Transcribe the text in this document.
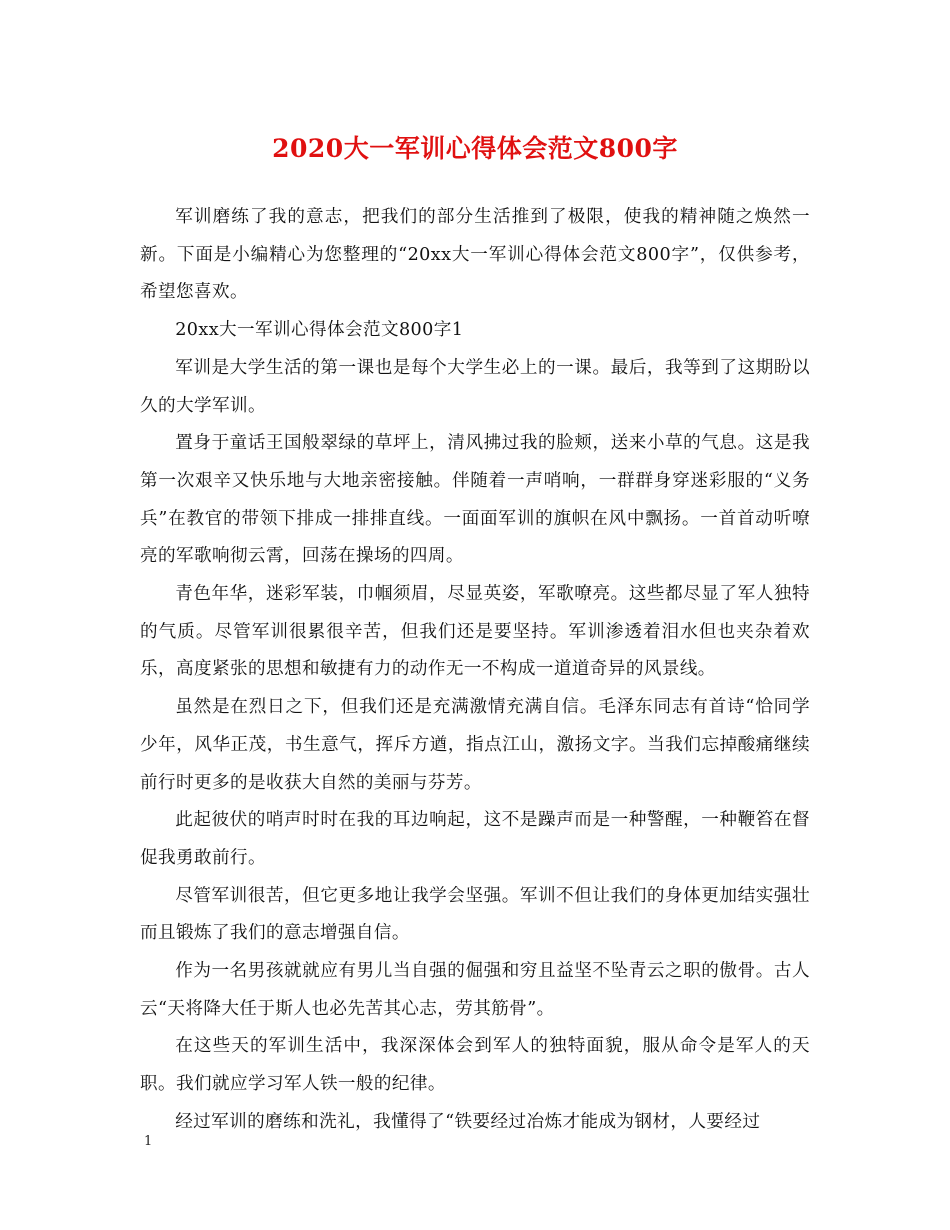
2020大一军训心得体会范文800字

军训磨练了我的意志，把我们的部分生活推到了极限，使我的精神随之焕然一新。下面是小编精心为您整理的“20xx大一军训心得体会范文800字”，仅供参考，希望您喜欢。

20xx大一军训心得体会范文800字1

军训是大学生活的第一课也是每个大学生必上的一课。最后，我等到了这期盼以久的大学军训。

置身于童话王国般翠绿的草坪上，清风拂过我的脸颊，送来小草的气息。这是我第一次艰辛又快乐地与大地亲密接触。伴随着一声哨响，一群群身穿迷彩服的“义务兵”在教官的带领下排成一排排直线。一面面军训的旗帜在风中飘扬。一首首动听嘹亮的军歌响彻云霄，回荡在操场的四周。

青色年华，迷彩军装，巾帼须眉，尽显英姿，军歌嘹亮。这些都尽显了军人独特的气质。尽管军训很累很辛苦，但我们还是要坚持。军训渗透着泪水但也夹杂着欢乐，高度紧张的思想和敏捷有力的动作无一不构成一道道奇异的风景线。

虽然是在烈日之下，但我们还是充满激情充满自信。毛泽东同志有首诗“恰同学少年，风华正茂，书生意气，挥斥方遒，指点江山，激扬文字。当我们忘掉酸痛继续前行时更多的是收获大自然的美丽与芬芳。

此起彼伏的哨声时时在我的耳边响起，这不是躁声而是一种警醒，一种鞭笞在督促我勇敢前行。

尽管军训很苦，但它更多地让我学会坚强。军训不但让我们的身体更加结实强壮而且锻炼了我们的意志增强自信。

作为一名男孩就就应有男儿当自强的倔强和穷且益坚不坠青云之职的傲骨。古人云“天将降大任于斯人也必先苦其心志，劳其筋骨”。

在这些天的军训生活中，我深深体会到军人的独特面貌，服从命令是军人的天职。我们就应学习军人铁一般的纪律。

经过军训的磨练和洗礼，我懂得了“铁要经过冶炼才能成为钢材，人要经过

1
